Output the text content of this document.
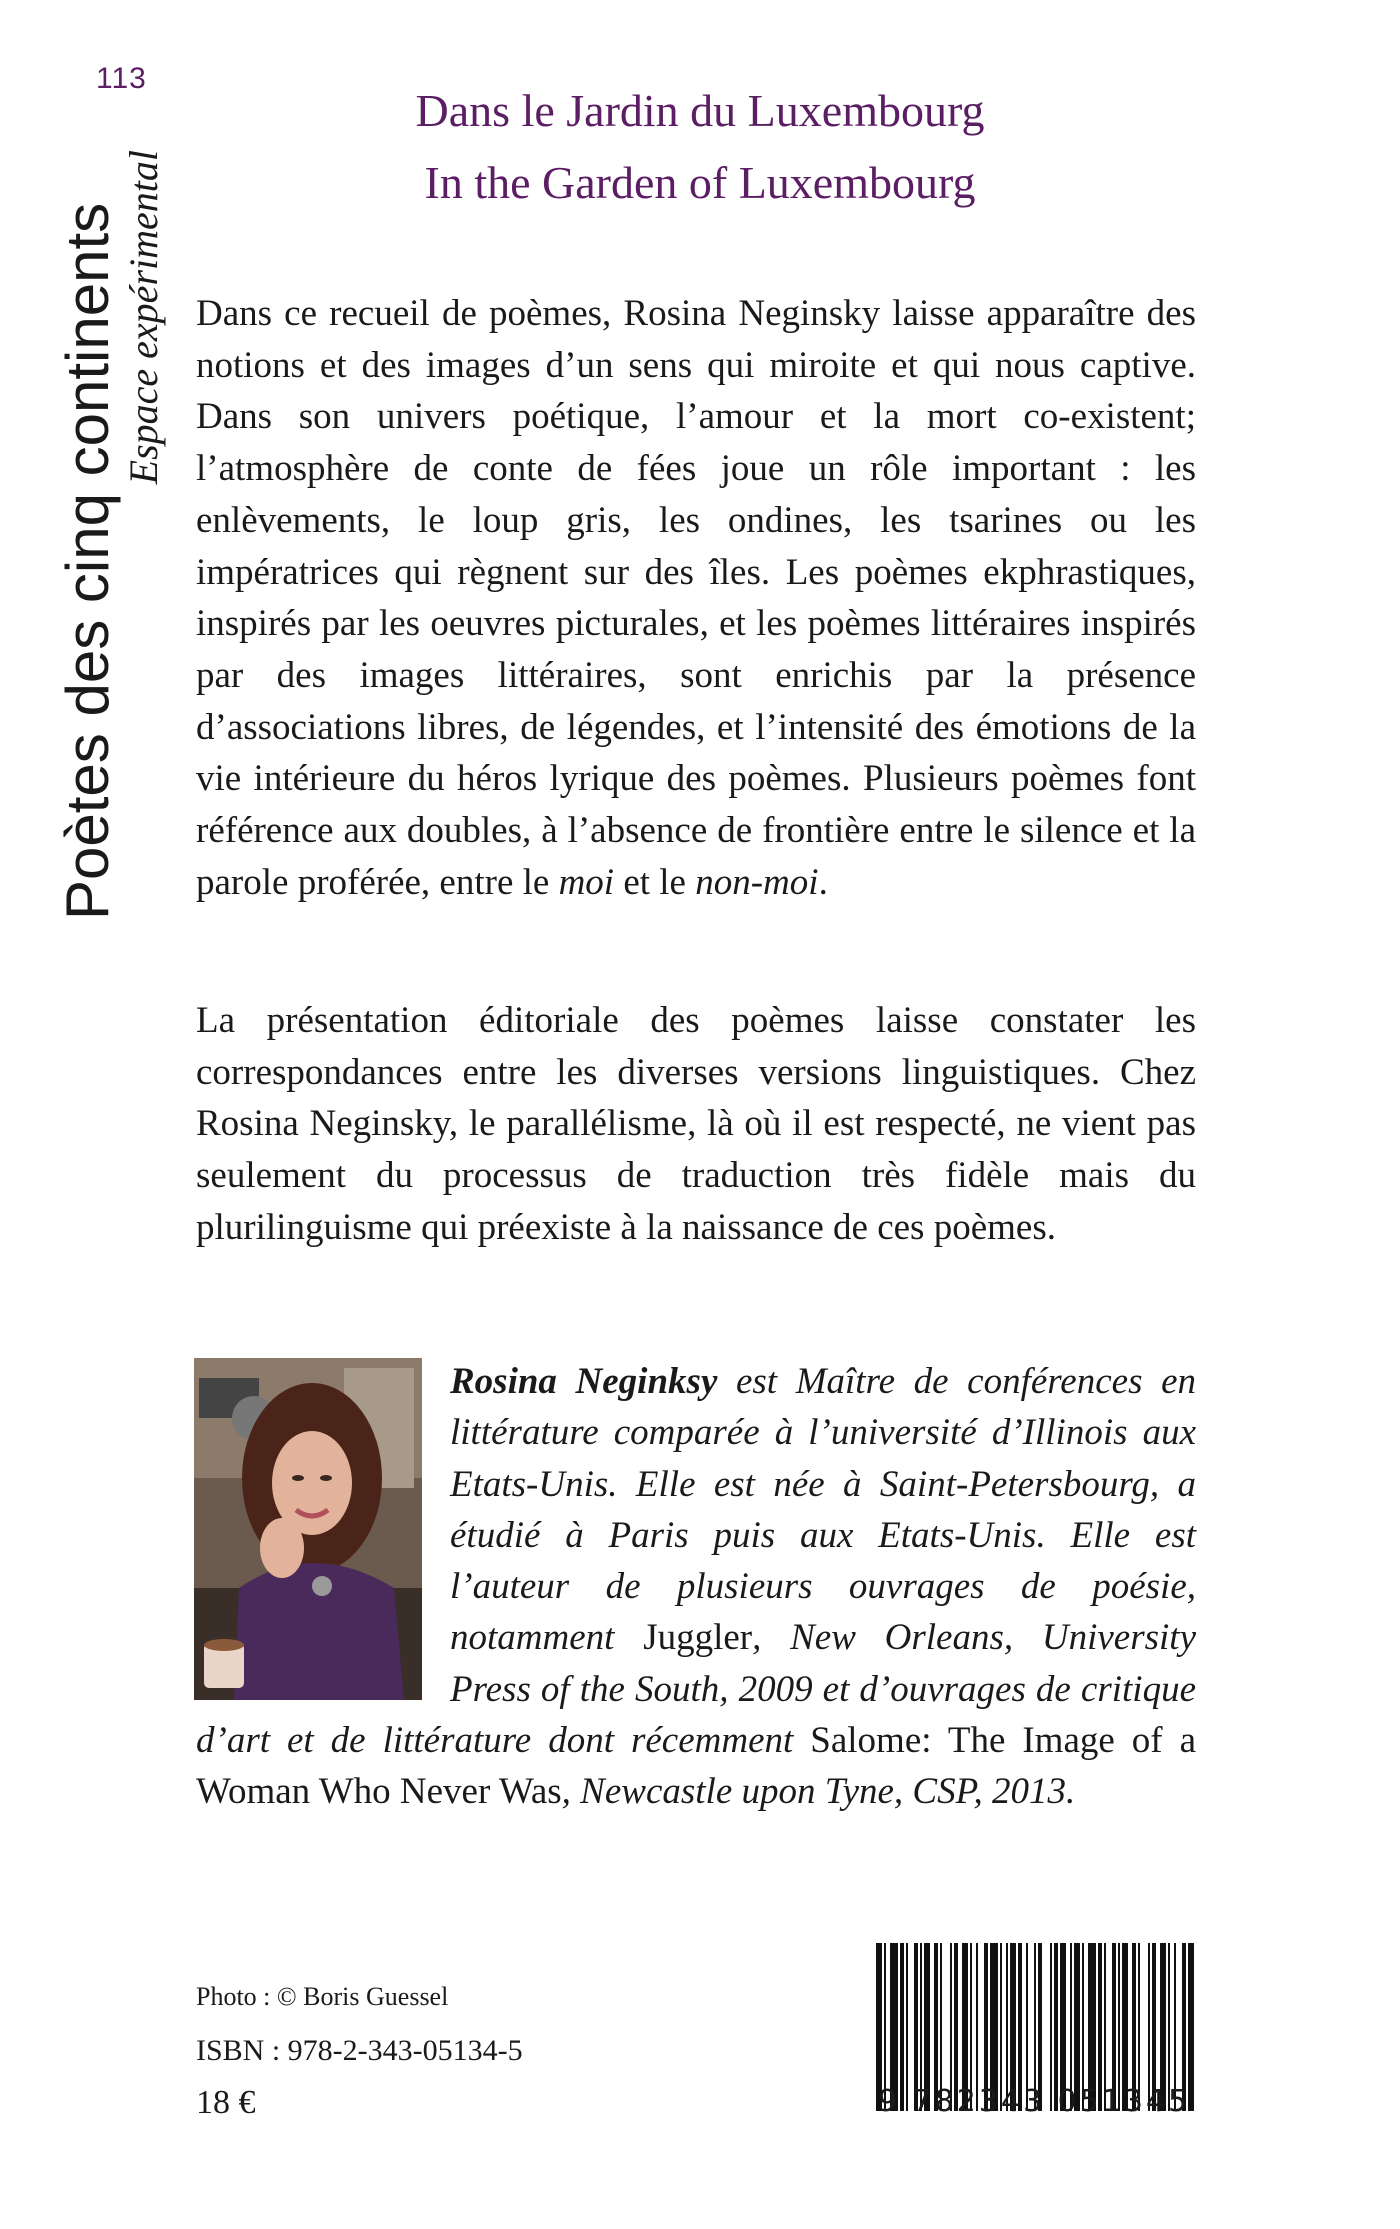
113
Poètes des cinq continents Espace expérimental
Dans le Jardin du Luxembourg
In the Garden of Luxembourg
Dans ce recueil de poèmes, Rosina Neginsky laisse apparaître des notions et des images d’un sens qui miroite et qui nous captive. Dans son univers poétique, l’amour et la mort co-existent; l’atmosphère de conte de fées joue un rôle important : les enlèvements, le loup gris, les ondines, les tsarines ou les impératrices qui règnent sur des îles. Les poèmes ekphrastiques, inspirés par les oeuvres picturales, et les poèmes littéraires inspirés par des images littéraires, sont enrichis par la présence d’associations libres, de légendes, et l’intensité des émotions de la vie intérieure du héros lyrique des poèmes. Plusieurs poèmes font référence aux doubles, à l’absence de frontière entre le silence et la parole proférée, entre le moi et le non-moi.
La présentation éditoriale des poèmes laisse constater les correspondances entre les diverses versions linguistiques. Chez Rosina Neginsky, le parallélisme, là où il est respecté, ne vient pas seulement du processus de traduction très fidèle mais du plurilinguisme qui préexiste à la naissance de ces poèmes.
Rosina Neginksy est Maître de conférences en littérature comparée à l’université d’Illinois aux Etats-Unis. Elle est née à Saint-Petersbourg, a étudié à Paris puis aux Etats-Unis. Elle est l’auteur de plusieurs ouvrages de poésie, notamment Juggler, New Orleans, University Press of the South, 2009 et d’ouvrages de critique d’art et de littérature dont récemment Salome: The Image of a Woman Who Never Was, Newcastle upon Tyne, CSP, 2013.
Photo : © Boris Guessel
ISBN : 978-2-343-05134-5
18 €	9 782343 051345
